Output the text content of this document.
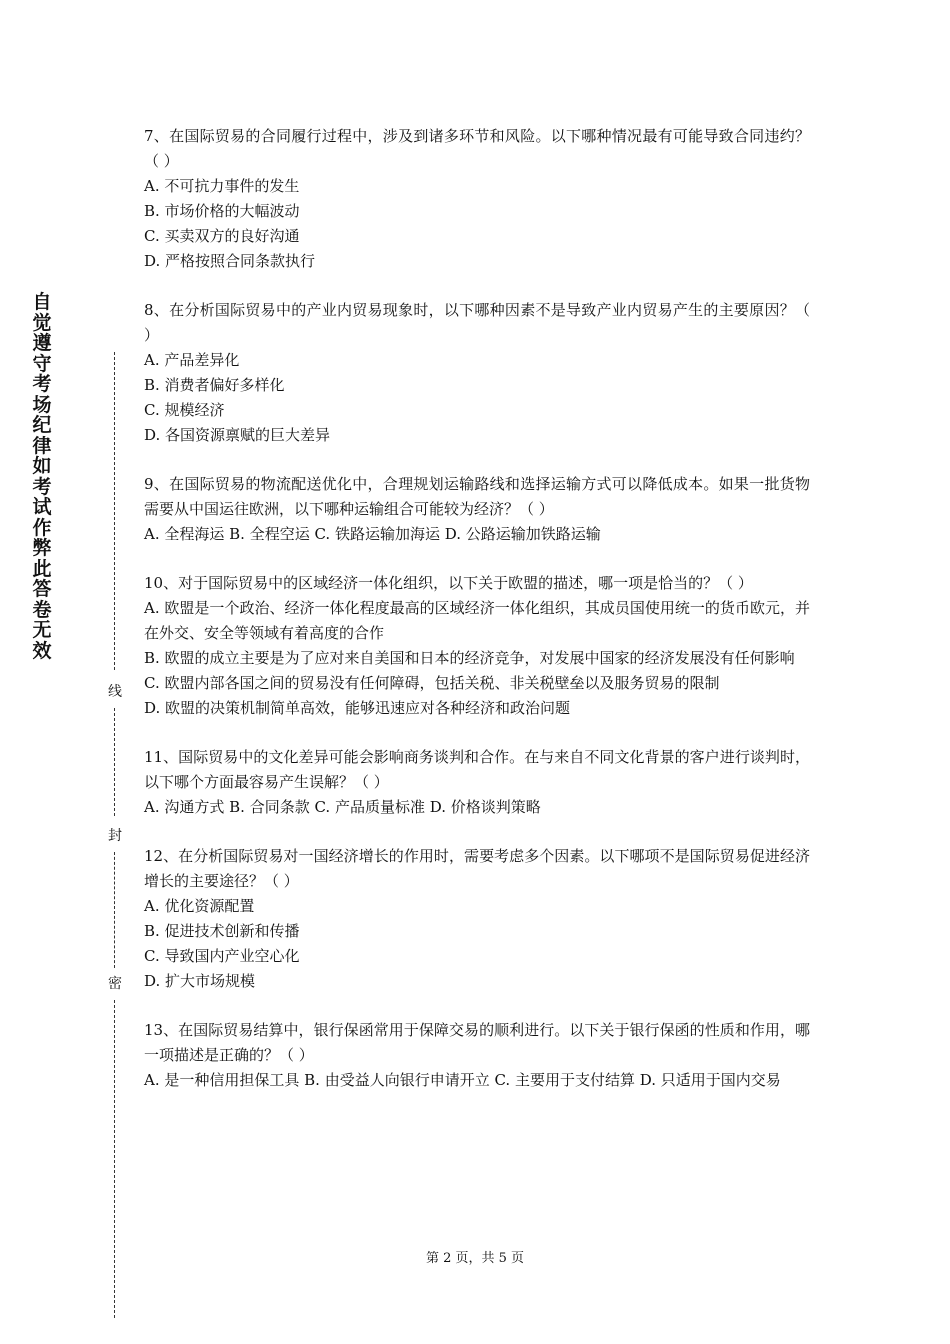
自觉遵守考场纪律如考试作弊此答卷无效
线
封
密
7、在国际贸易的合同履行过程中，涉及到诸多环节和风险。以下哪种情况最有可能导致合同违约？（ ）
A. 不可抗力事件的发生
B. 市场价格的大幅波动
C. 买卖双方的良好沟通
D. 严格按照合同条款执行
8、在分析国际贸易中的产业内贸易现象时，以下哪种因素不是导致产业内贸易产生的主要原因？（ ）
A. 产品差异化
B. 消费者偏好多样化
C. 规模经济
D. 各国资源禀赋的巨大差异
9、在国际贸易的物流配送优化中，合理规划运输路线和选择运输方式可以降低成本。如果一批货物需要从中国运往欧洲，以下哪种运输组合可能较为经济？（ ）
A. 全程海运 B. 全程空运 C. 铁路运输加海运 D. 公路运输加铁路运输
10、对于国际贸易中的区域经济一体化组织，以下关于欧盟的描述，哪一项是恰当的？（ ）
A. 欧盟是一个政治、经济一体化程度最高的区域经济一体化组织，其成员国使用统一的货币欧元，并在外交、安全等领域有着高度的合作
B. 欧盟的成立主要是为了应对来自美国和日本的经济竞争，对发展中国家的经济发展没有任何影响
C. 欧盟内部各国之间的贸易没有任何障碍，包括关税、非关税壁垒以及服务贸易的限制
D. 欧盟的决策机制简单高效，能够迅速应对各种经济和政治问题
11、国际贸易中的文化差异可能会影响商务谈判和合作。在与来自不同文化背景的客户进行谈判时，以下哪个方面最容易产生误解？（ ）
A. 沟通方式 B. 合同条款 C. 产品质量标准 D. 价格谈判策略
12、在分析国际贸易对一国经济增长的作用时，需要考虑多个因素。以下哪项不是国际贸易促进经济增长的主要途径？（ ）
A. 优化资源配置
B. 促进技术创新和传播
C. 导致国内产业空心化
D. 扩大市场规模
13、在国际贸易结算中，银行保函常用于保障交易的顺利进行。以下关于银行保函的性质和作用，哪一项描述是正确的？（ ）
A. 是一种信用担保工具 B. 由受益人向银行申请开立 C. 主要用于支付结算 D. 只适用于国内交易
第 2 页，共 5 页
